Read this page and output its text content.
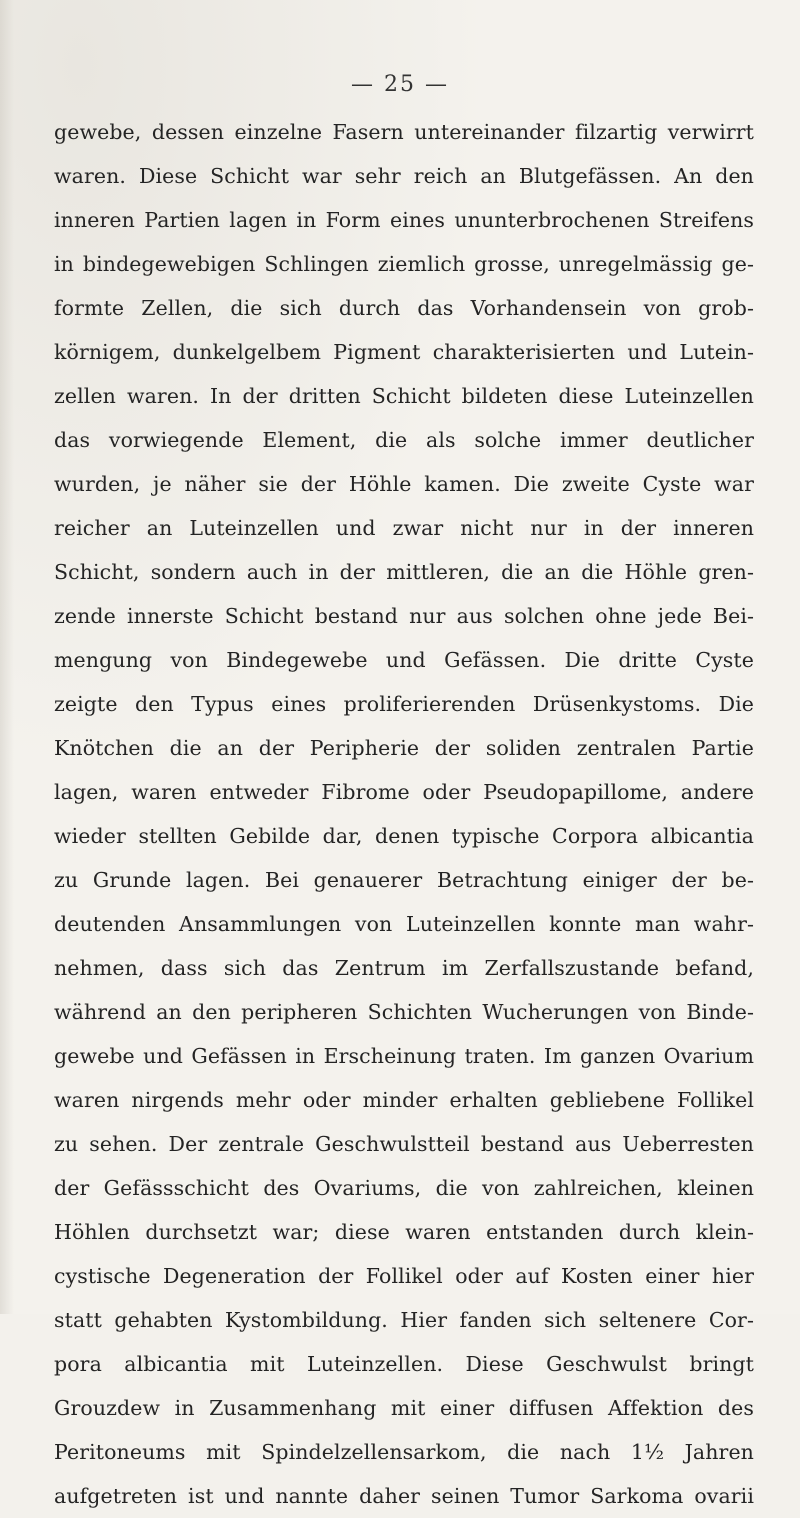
— 25 —
gewebe, dessen einzelne Fasern untereinander filzartig verwirrt
waren. Diese Schicht war sehr reich an Blutgefässen. An den
inneren Partien lagen in Form eines ununterbrochenen Streifens
in bindegewebigen Schlingen ziemlich grosse, unregelmässig ge-
formte Zellen, die sich durch das Vorhandensein von grob-
körnigem, dunkelgelbem Pigment charakterisierten und Lutein-
zellen waren. In der dritten Schicht bildeten diese Luteinzellen
das vorwiegende Element, die als solche immer deutlicher
wurden, je näher sie der Höhle kamen. Die zweite Cyste war
reicher an Luteinzellen und zwar nicht nur in der inneren
Schicht, sondern auch in der mittleren, die an die Höhle gren-
zende innerste Schicht bestand nur aus solchen ohne jede Bei-
mengung von Bindegewebe und Gefässen. Die dritte Cyste
zeigte den Typus eines proliferierenden Drüsenkystoms. Die
Knötchen die an der Peripherie der soliden zentralen Partie
lagen, waren entweder Fibrome oder Pseudopapillome, andere
wieder stellten Gebilde dar, denen typische Corpora albicantia
zu Grunde lagen. Bei genauerer Betrachtung einiger der be-
deutenden Ansammlungen von Luteinzellen konnte man wahr-
nehmen, dass sich das Zentrum im Zerfallszustande befand,
während an den peripheren Schichten Wucherungen von Binde-
gewebe und Gefässen in Erscheinung traten. Im ganzen Ovarium
waren nirgends mehr oder minder erhalten gebliebene Follikel
zu sehen. Der zentrale Geschwulstteil bestand aus Ueberresten
der Gefässschicht des Ovariums, die von zahlreichen, kleinen
Höhlen durchsetzt war; diese waren entstanden durch klein-
cystische Degeneration der Follikel oder auf Kosten einer hier
statt gehabten Kystombildung. Hier fanden sich seltenere Cor-
pora albicantia mit Luteinzellen. Diese Geschwulst bringt
Grouzdew in Zusammenhang mit einer diffusen Affektion des
Peritoneums mit Spindelzellensarkom, die nach 1½ Jahren
aufgetreten ist und nannte daher seinen Tumor Sarkoma ovarii
